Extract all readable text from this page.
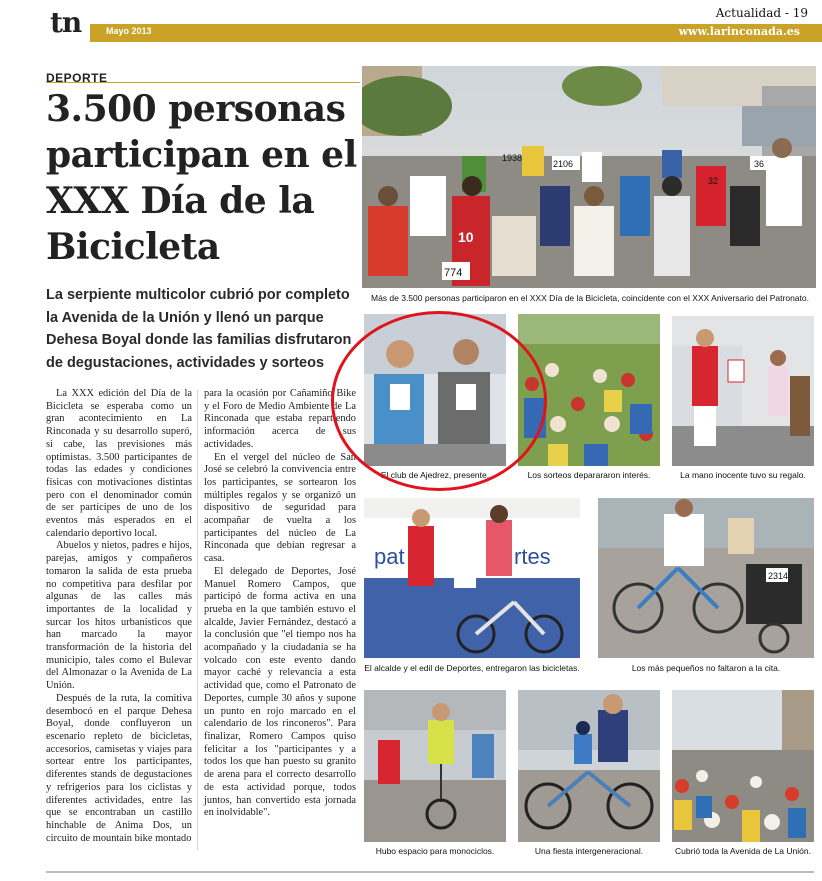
tn	Mayo 2013	www.larinconada.es
Actualidad - 19
DEPORTE
3.500 personas participan en el XXX Día de la Bicicleta
La serpiente multicolor cubrió por completo la Avenida de la Unión y llenó un parque Dehesa Boyal donde las familias disfrutaron de degustaciones, actividades y sorteos

La XXX edición del Día de la Bicicleta se esperaba como un gran acontecimiento en La Rinconada y su desarrollo superó, si cabe, las previsiones más optimistas. 3.500 participantes de todas las edades y condiciones físicas con motivaciones distintas pero con el denominador común de ser partícipes de uno de los eventos más esperados en el calendario deportivo local.

Abuelos y nietos, padres e hijos, parejas, amigos y compañeros tomaron la salida de esta prueba no competitiva para desfilar por algunas de las calles más importantes de la localidad y surcar los hitos urbanísticos que han marcado la mayor transformación de la historia del municipio, tales como el Bulevar del Almonazar o la Avenida de La Unión.

Después de la ruta, la comitiva desembocó en el parque Dehesa Boyal, donde confluyeron un escenario repleto de bicicletas, accesorios, camisetas y viajes para sortear entre los participantes, diferentes stands de degustaciones y refrigerios para los ciclistas y diferentes actividades, entre las que se encontraban un castillo hinchable de Anima Dos, un circuito de mountain bike montado

para la ocasión por Cañamiño Bike y el Foro de Medio Ambiente de La Rinconada que estaba repartiendo información acerca de sus actividades.

En el vergel del núcleo de San José se celebró la convivencia entre los participantes, se sortearon los múltiples regalos y se organizó un dispositivo de seguridad para acompañar de vuelta a los participantes del núcleo de La Rinconada que debían regresar a casa.

El delegado de Deportes, José Manuel Romero Campos, que participó de forma activa en una prueba en la que también estuvo el alcalde, Javier Fernández, destacó a la conclusión que "el tiempo nos ha acompañado y la ciudadanía se ha volcado con este evento dando mayor caché y relevancia a esta actividad que, como el Patronato de Deportes, cumple 30 años y supone un punto en rojo marcado en el calendario de los rinconeros". Para finalizar, Romero Campos quiso felicitar a los "participantes y a todos los que han puesto su granito de arena para el correcto desarrollo de esta actividad porque, todos juntos, han convertido esta jornada en inolvidable".

10
774
2106
1938
36
32
Más de 3.500 personas participaron en el XXX Día de la Bicicleta, coincidente con el XXX Aniversario del Patronato.
El club de Ajedrez, presente.	Los sorteos deparararon interés.	La mano inocente tuvo su regalo.
pat	rtes
El alcalde y el edil de Deportes, entregaron las bicicletas.
2314
Los más pequeños no faltaron a la cita.
Hubo espacio para monociclos.	Una fiesta intergeneracional.	Cubrió toda la Avenida de La Unión.
